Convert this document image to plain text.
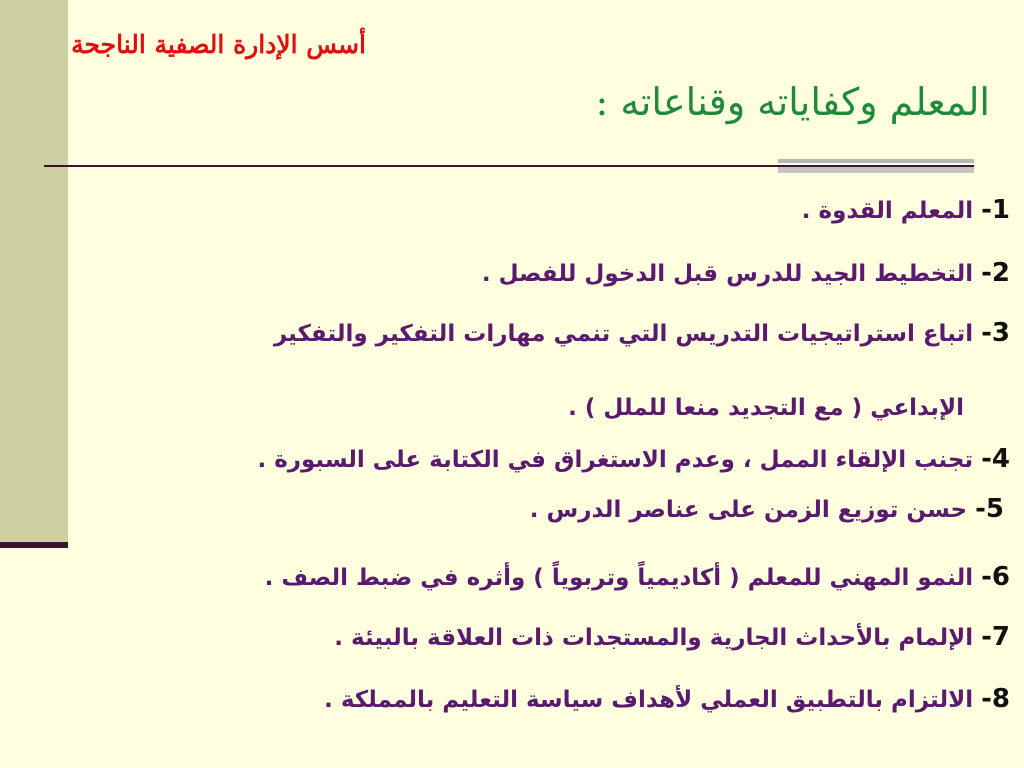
أسس الإدارة الصفية الناجحة
المعلم وكفاياته وقناعاته :
1- المعلم القدوة .
2- التخطيط الجيد للدرس قبل الدخول للفصل .
3- اتباع استراتيجيات التدريس التي تنمي مهارات التفكير والتفكير
الإبداعي ( مع التجديد منعا للملل ) .
4- تجنب الإلقاء الممل ، وعدم الاستغراق في الكتابة على السبورة .
5- حسن توزيع الزمن على عناصر الدرس .
6- النمو المهني للمعلم ( أكاديمياً وتربوياً ) وأثره في ضبط الصف .
7- الإلمام بالأحداث الجارية والمستجدات ذات العلاقة بالبيئة .
8- الالتزام بالتطبيق العملي لأهداف سياسة التعليم بالمملكة .
